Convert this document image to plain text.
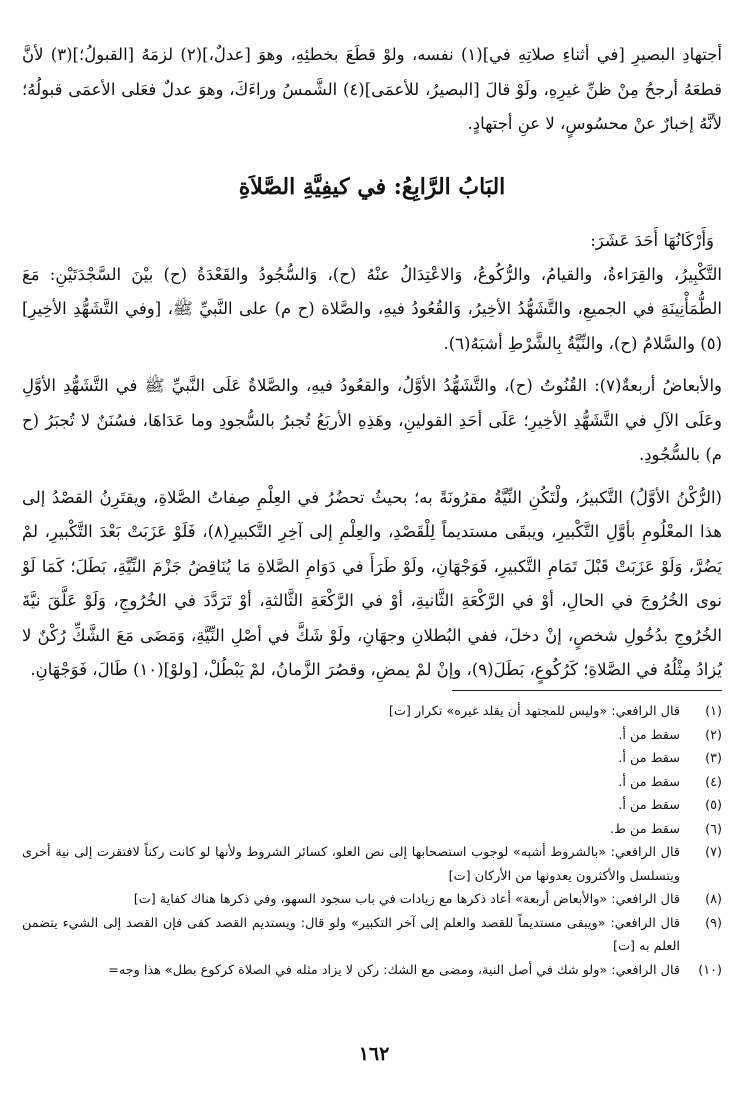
أجتهادِ البصيرِ [في أثناءِ صلاتِهِ في](١) نفسه، ولوْ قطَعَ بخطئِهِ، وهوَ [عدلٌ،](٢) لزمَهُ [القبولُ؛](٣) لأنَّ قطعَهُ أرجحُ مِنْ ظنِّ غيرِهِ، ولَوْ قالَ [البصيرُ، للأعمَى](٤) الشَّمسُ وراءَكَ، وهوَ عدلٌ فعَلى الأعمَى قبولُهُ؛ لأنَّهُ إخبارٌ عنْ محسُوسٍ، لا عنِ أجتهادٍ.

البَابُ الرَّابِعُ: في كيفِيَّةِ الصَّلاَةِ

وَأَرْكَانُهَا أَحَدَ عَشَرَ:

التَّكْبِيرُ، والقِرَاءةُ، والقيامُ، والرُّكُوعُ، وَالاعْتِدَالُ عنْهُ (ح)، وَالسُّجُودُ والقَعْدَةُ (ح) بيْنَ السَّجْدَتَيْنِ: مَعَ الطُّمَأْنِينَةِ في الجميعِ، والتَّشَهُّدُ الأخِيرُ، وَالقُعُودُ فيهِ، والصَّلاة (ح م) على النَّبيِّ ﷺ، [وفي التَّشَهُّدِ الأخِيرِ](٥) والسَّلامُ (ح)، والنِّيَّةُ بِالشَّرْطِ أشبَهُ(٦).

والأبعاضُ أربعةٌ(٧): القُنُوتُ (ح)، والتَّشَهُّدُ الأوَّلُ، والقعُودُ فيهِ، والصَّلاةُ عَلَى النَّبيِّ ﷺ في التَّشَهُّدِ الأوَّلِ وعَلَى الآلِ في التَّشَهُّدِ الأخِيرِ؛ عَلَى أحَدِ القولينِ، وهَذِهِ الأربَعُ تُجبرُ بالسُّجودِ وما عَدَاهَا، فسُنَنٌ لا تُجبَرُ (ح م) بالسُّجُودِ.

(الرُّكْنُ الأوَّلُ) التَّكبيرُ، ولْتَكُنِ النِّيَّةُ مقرُونَةً به؛ بحيثُ تحضُرُ في العِلْمِ صِفاتُ الصَّلاةِ، ويقتَرِنُ القصْدُ إلى هذا المعْلُومِ بأوَّلِ التَّكْبيرِ، ويبقَى مستديماً لِلْقَصْدِ، والعِلْمِ إلى آخِرِ التَّكبيرِ(٨)، فَلَوْ عَزَبَتْ بَعْدَ التَّكْبيرِ، لمْ يَضُرَّ، وَلَوْ عَزَبَتْ قَبْلَ تَمَامِ التَّكبيرِ، فَوَجْهَانِ، ولَوْ طَرَأَ في دَوَامِ الصَّلاةِ مَا يُنَاقِضُ جَزْمَ النِّيَّةِ، بَطَلَ؛ كَمَا لَوْ نوى الخُرُوجَ في الحالِ، أوْ في الرَّكْعَةِ الثَّانيةِ، أوْ في الرَّكْعَةِ الثَّالثةِ، أوْ تَرَدَّدَ في الخُرُوجِ، وَلَوْ عَلَّقَ نيَّةَ الخُرُوجِ بدُخُولِ شخصٍ، إنْ دخلَ، ففي البُطلانِ وجهَانِ، ولَوْ شَكَّ في أصْلِ النِّيَّةِ، وَمَضَى مَعَ الشَّكِّ رُكْنٌ لا يُزادُ مِثْلُهُ في الصَّلاةِ؛ كَرُكُوعٍ، بَطَلَ(٩)، وإنْ لمْ يمضِ، وقصُرَ الزَّمانُ، لمْ يَبْطُلْ، [ولوْ](١٠) طَالَ، فَوَجْهَانِ.

(١)
قال الرافعي: «وليس للمجتهد أن يقلد غيره» تكرار [ت]
(٢)
سقط من أ.
(٣)
سقط من أ.
(٤)
سقط من أ.
(٥)
سقط من أ.
(٦)
سقط من ط.
(٧)
قال الرافعي: «بالشروط أشبه» لوجوب استصحابها إلى نص العلو، كسائر الشروط ولأنها لو كانت ركناً لافتقرت إلى نية أخرى ويتسلسل والأكثرون يعدونها من الأركان [ت]
(٨)
قال الرافعي: «والأبعاض أربعة» أعاد ذكرها مع زيادات في باب سجود السهو، وفي ذكرها هناك كفاية [ت]
(٩)
قال الرافعي: «ويبقى مستديماً للقصد والعلم إلى آخر التكبير» ولو قال: ويستديم القصد كفى فإن القصد إلى الشيء يتضمن العلم به [ت]
(١٠)
قال الرافعي: «ولو شك في أصل النية، ومضى مع الشك: ركن لا يزاد مثله في الصلاة كركوع بطل» هذا وجه=
١٦٢
